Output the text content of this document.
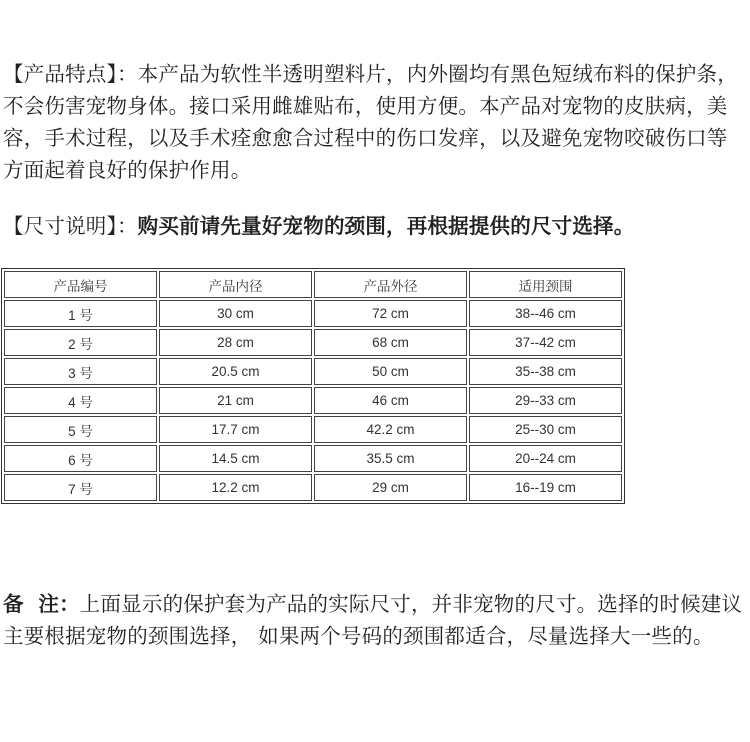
【产品特点】：本产品为软性半透明塑料片，内外圈均有黑色短绒布料的保护条，不会伤害宠物身体。接口采用雌雄贴布，使用方便。本产品对宠物的皮肤病，美容，手术过程，以及手术痊愈愈合过程中的伤口发痒，以及避免宠物咬破伤口等方面起着良好的保护作用。
【尺寸说明】：购买前请先量好宠物的颈围，再根据提供的尺寸选择。
产品编号	产品内径	产品外径	适用颈围
1 号	30 cm	72 cm	38--46 cm
2 号	28 cm	68 cm	37--42 cm
3 号	20.5 cm	50 cm	35--38 cm
4 号	21 cm	46 cm	29--33 cm
5 号	17.7 cm	42.2 cm	25--30 cm
6 号	14.5 cm	35.5 cm	20--24 cm
7 号	12.2 cm	29 cm	16--19 cm
备  注：上面显示的保护套为产品的实际尺寸，并非宠物的尺寸。选择的时候建议主要根据宠物的颈围选择， 如果两个号码的颈围都适合，尽量选择大一些的。
